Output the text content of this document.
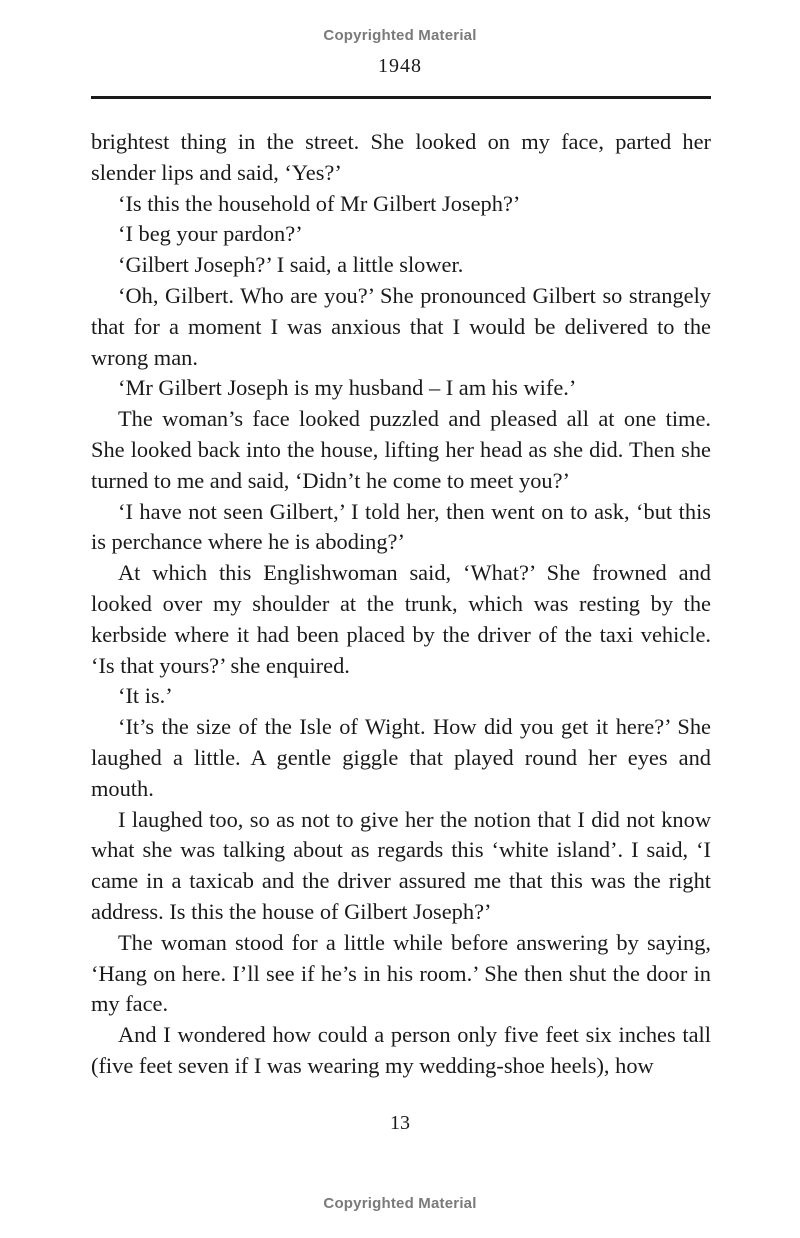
Copyrighted Material
1948

brightest thing in the street. She looked on my face, parted her slender lips and said, ‘Yes?’

‘Is this the household of Mr Gilbert Joseph?’

‘I beg your pardon?’

‘Gilbert Joseph?’ I said, a little slower.

‘Oh, Gilbert. Who are you?’ She pronounced Gilbert so strangely that for a moment I was anxious that I would be delivered to the wrong man.

‘Mr Gilbert Joseph is my husband – I am his wife.’

The woman’s face looked puzzled and pleased all at one time. She looked back into the house, lifting her head as she did. Then she turned to me and said, ‘Didn’t he come to meet you?’

‘I have not seen Gilbert,’ I told her, then went on to ask, ‘but this is perchance where he is aboding?’

At which this Englishwoman said, ‘What?’ She frowned and looked over my shoulder at the trunk, which was resting by the kerbside where it had been placed by the driver of the taxi vehicle. ‘Is that yours?’ she enquired.

‘It is.’

‘It’s the size of the Isle of Wight. How did you get it here?’ She laughed a little. A gentle giggle that played round her eyes and mouth.

I laughed too, so as not to give her the notion that I did not know what she was talking about as regards this ‘white island’. I said, ‘I came in a taxicab and the driver assured me that this was the right address. Is this the house of Gilbert Joseph?’

The woman stood for a little while before answering by saying, ‘Hang on here. I’ll see if he’s in his room.’ She then shut the door in my face.

And I wondered how could a person only five feet six inches tall (five feet seven if I was wearing my wedding-shoe heels), how

13
Copyrighted Material
